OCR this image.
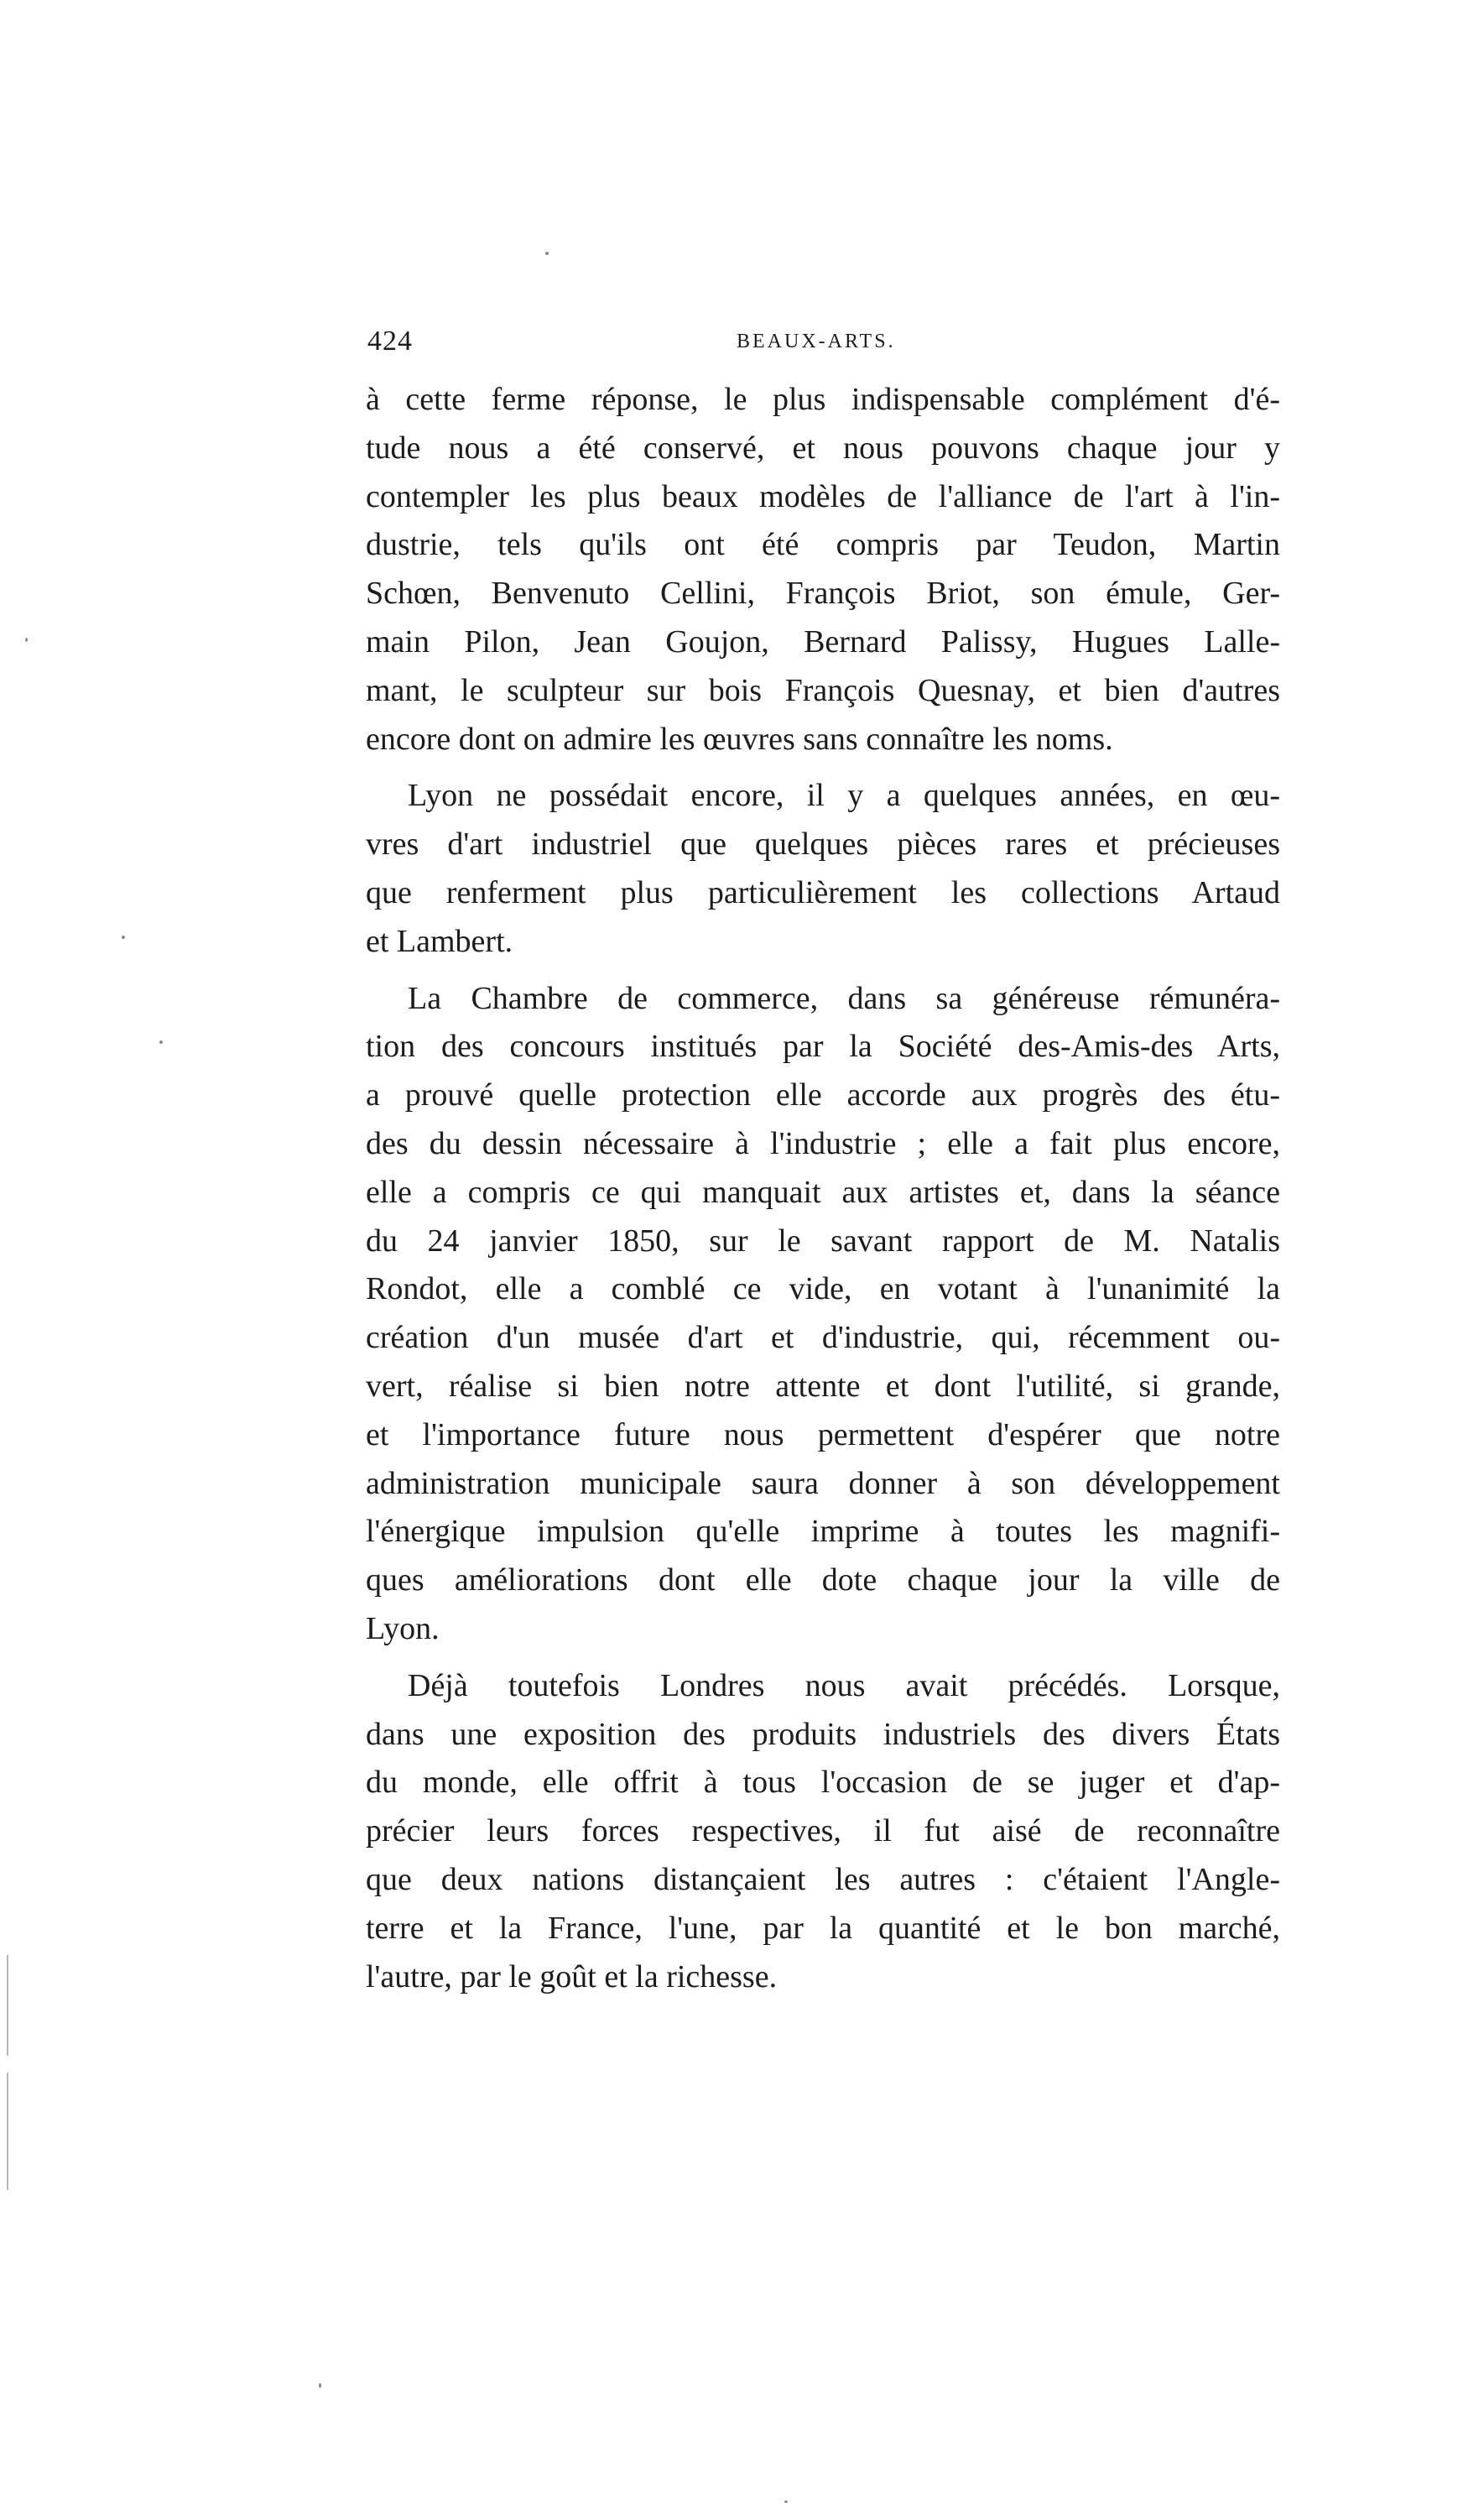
424	BEAUX-ARTS.

à cette ferme réponse, le plus indispensable complément d'é-
tude nous a été conservé, et nous pouvons chaque jour y
contempler les plus beaux modèles de l'alliance de l'art à l'in-
dustrie, tels qu'ils ont été compris par Teudon, Martin
Schœn, Benvenuto Cellini, François Briot, son émule, Ger-
main Pilon, Jean Goujon, Bernard Palissy, Hugues Lalle-
mant, le sculpteur sur bois François Quesnay, et bien d'autres
encore dont on admire les œuvres sans connaître les noms.

Lyon ne possédait encore, il y a quelques années, en œu-
vres d'art industriel que quelques pièces rares et précieuses
que renferment plus particulièrement les collections Artaud
et Lambert.

La Chambre de commerce, dans sa généreuse rémunéra-
tion des concours institués par la Société des-Amis-des Arts,
a prouvé quelle protection elle accorde aux progrès des étu-
des du dessin nécessaire à l'industrie ; elle a fait plus encore,
elle a compris ce qui manquait aux artistes et, dans la séance
du 24 janvier 1850, sur le savant rapport de M. Natalis
Rondot, elle a comblé ce vide, en votant à l'unanimité la
création d'un musée d'art et d'industrie, qui, récemment ou-
vert, réalise si bien notre attente et dont l'utilité, si grande,
et l'importance future nous permettent d'espérer que notre
administration municipale saura donner à son développement
l'énergique impulsion qu'elle imprime à toutes les magnifi-
ques améliorations dont elle dote chaque jour la ville de
Lyon.

Déjà toutefois Londres nous avait précédés. Lorsque,
dans une exposition des produits industriels des divers États
du monde, elle offrit à tous l'occasion de se juger et d'ap-
précier leurs forces respectives, il fut aisé de reconnaître
que deux nations distançaient les autres : c'étaient l'Angle-
terre et la France, l'une, par la quantité et le bon marché,
l'autre, par le goût et la richesse.
